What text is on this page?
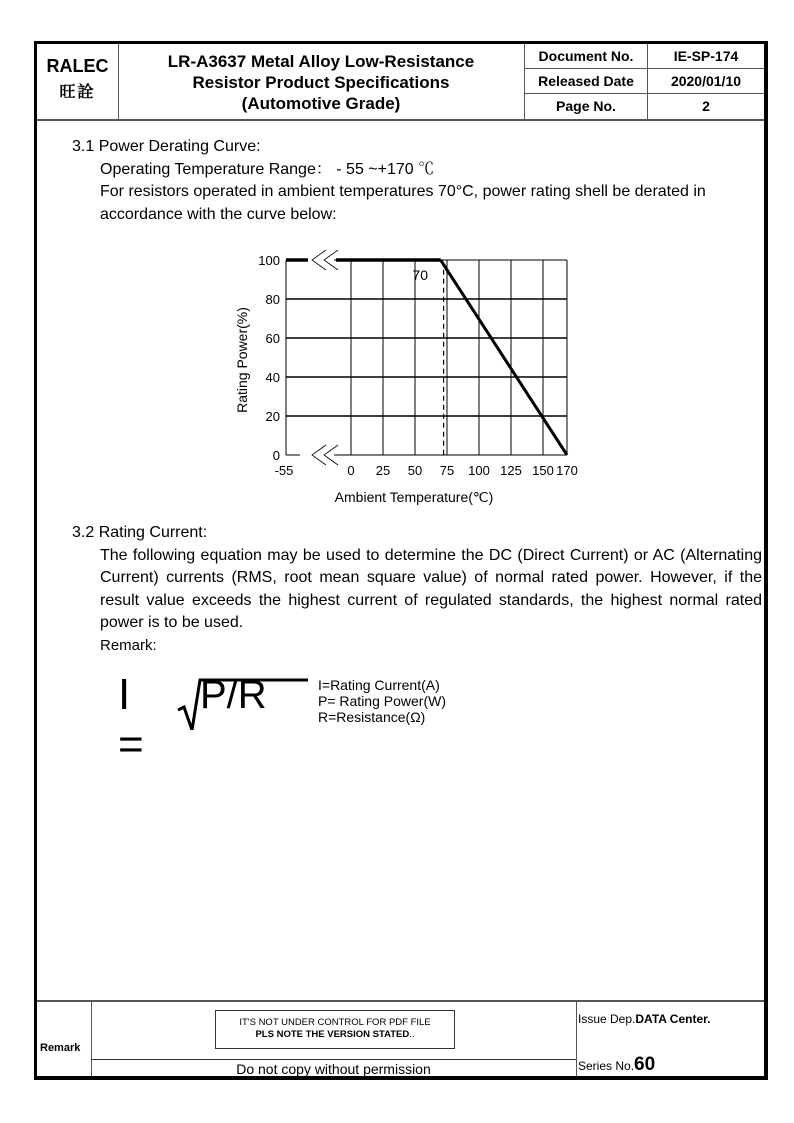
RALEC
旺詮
LR-A3637 Metal Alloy Low-Resistance
Resistor Product Specifications
(Automotive Grade)
Document No.	IE-SP-174
Released Date	2020/01/10
Page No.	2
3.1 Power Derating Curve:
Operating Temperature Range： - 55 ~+170 ℃
For resistors operated in ambient temperatures 70°C, power rating shell be derated in accordance with the curve below:
0
20
40
60
80
100
-55	0 25 50 75 100 125 150 170
Rating Power(%)
Ambient Temperature(℃)
70
3.2 Rating Current:
The following equation may be used to determine the DC (Direct Current) or AC (Alternating Current) currents (RMS, root mean square value) of normal rated power. However, if the result value exceeds the highest current of regulated standards, the highest normal rated power is to be used.
Remark:
I =
P/R	I=Rating Current(A)
P= Rating Power(W)
R=Resistance(Ω)
Remark
IT'S NOT UNDER CONTROL FOR PDF FILE
PLS NOTE THE VERSION STATED..
Do not copy without permission
Issue Dep.DATA Center.
Series No.60
